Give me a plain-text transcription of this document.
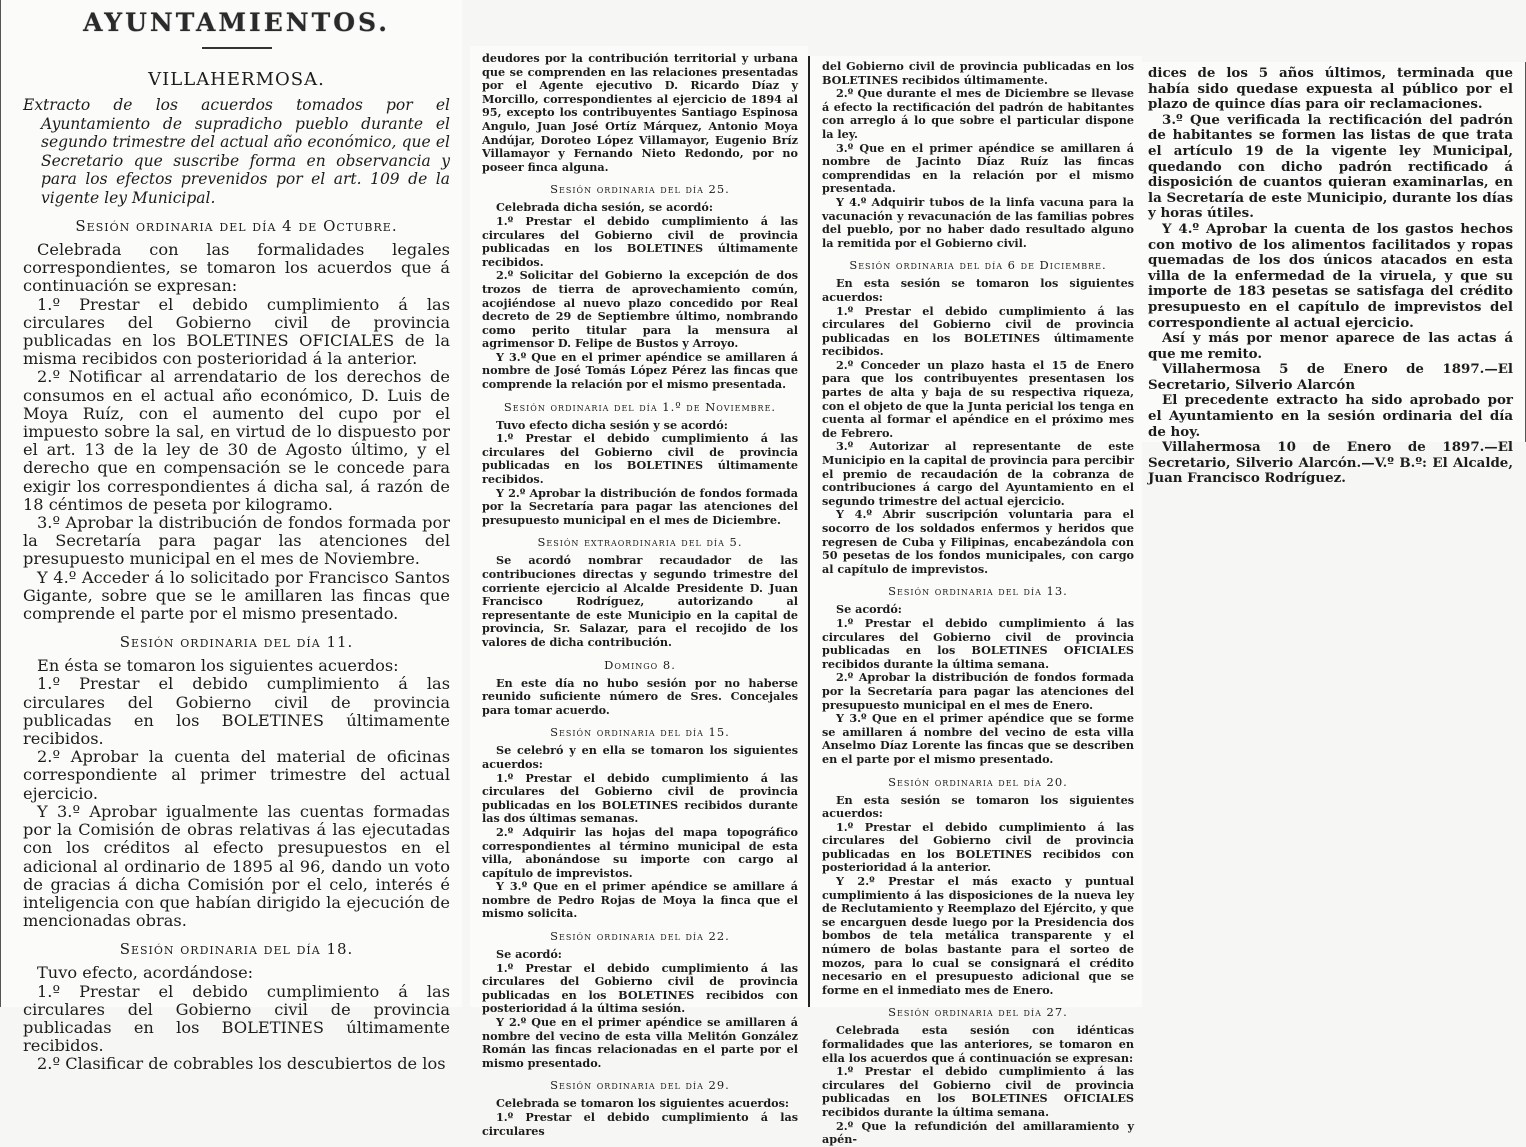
AYUNTAMIENTOS.
VILLAHERMOSA.

Extracto de los acuerdos tomados por el Ayuntamiento de supradicho pueblo durante el segundo trimestre del actual año económico, que el Secretario que suscribe forma en observancia y para los efectos prevenidos por el art. 109 de la vigente ley Municipal.

Sesión ordinaria del día 4 de Octubre.

Celebrada con las formalidades legales correspondientes, se tomaron los acuerdos que á continuación se expresan:

1.º Prestar el debido cumplimiento á las circulares del Gobierno civil de provincia publicadas en los BOLETINES OFICIALES de la misma recibidos con posterioridad á la anterior.

2.º Notificar al arrendatario de los derechos de consumos en el actual año económico, D. Luis de Moya Ruíz, con el aumento del cupo por el impuesto sobre la sal, en virtud de lo dispuesto por el art. 13 de la ley de 30 de Agosto último, y el derecho que en compensación se le concede para exigir los correspondientes á dicha sal, á razón de 18 céntimos de peseta por kilogramo.

3.º Aprobar la distribución de fondos formada por la Secretaría para pagar las atenciones del presupuesto municipal en el mes de Noviembre.

Y 4.º Acceder á lo solicitado por Francisco Santos Gigante, sobre que se le amillaren las fincas que comprende el parte por el mismo presentado.

Sesión ordinaria del día 11.

En ésta se tomaron los siguientes acuerdos:

1.º Prestar el debido cumplimiento á las circulares del Gobierno civil de provincia publicadas en los BOLETINES últimamente recibidos.

2.º Aprobar la cuenta del material de oficinas correspondiente al primer trimestre del actual ejercicio.

Y 3.º Aprobar igualmente las cuentas formadas por la Comisión de obras relativas á las ejecutadas con los créditos al efecto presupuestos en el adicional al ordinario de 1895 al 96, dando un voto de gracias á dicha Comisión por el celo, interés é inteligencia con que habían dirigido la ejecución de mencionadas obras.

Sesión ordinaria del día 18.

Tuvo efecto, acordándose:

1.º Prestar el debido cumplimiento á las circulares del Gobierno civil de provincia publicadas en los BOLETINES últimamente recibidos.

2.º Clasificar de cobrables los descubiertos de los

deudores por la contribución territorial y urbana que se comprenden en las relaciones presentadas por el Agente ejecutivo D. Ricardo Díaz y Morcillo, correspondientes al ejercicio de 1894 al 95, excepto los contribuyentes Santiago Espinosa Angulo, Juan José Ortíz Márquez, Antonio Moya Andújar, Doroteo López Villamayor, Eugenio Bríz Villamayor y Fernando Nieto Redondo, por no poseer finca alguna.

Sesión ordinaria del día 25.

Celebrada dicha sesión, se acordó:

1.º Prestar el debido cumplimiento á las circulares del Gobierno civil de provincia publicadas en los BOLETINES últimamente recibidos.

2.º Solicitar del Gobierno la excepción de dos trozos de tierra de aprovechamiento común, acojiéndose al nuevo plazo concedido por Real decreto de 29 de Septiembre último, nombrando como perito titular para la mensura al agrimensor D. Felipe de Bustos y Arroyo.

Y 3.º Que en el primer apéndice se amillaren á nombre de José Tomás López Pérez las fincas que comprende la relación por el mismo presentada.

Sesión ordinaria del día 1.º de Noviembre.

Tuvo efecto dicha sesión y se acordó:

1.º Prestar el debido cumplimiento á las circulares del Gobierno civil de provincia publicadas en los BOLETINES últimamente recibidos.

Y 2.º Aprobar la distribución de fondos formada por la Secretaría para pagar las atenciones del presupuesto municipal en el mes de Diciembre.

Sesión extraordinaria del día 5.

Se acordó nombrar recaudador de las contribuciones directas y segundo trimestre del corriente ejercicio al Alcalde Presidente D. Juan Francisco Rodríguez, autorizando al representante de este Municipio en la capital de provincia, Sr. Salazar, para el recojido de los valores de dicha contribución.

Domingo 8.

En este día no hubo sesión por no haberse reunido suficiente número de Sres. Concejales para tomar acuerdo.

Sesión ordinaria del día 15.

Se celebró y en ella se tomaron los siguientes acuerdos:

1.º Prestar el debido cumplimiento á las circulares del Gobierno civil de provincia publicadas en los BOLETINES recibidos durante las dos últimas semanas.

2.º Adquirir las hojas del mapa topográfico correspondientes al término municipal de esta villa, abonándose su importe con cargo al capítulo de imprevistos.

Y 3.º Que en el primer apéndice se amillare á nombre de Pedro Rojas de Moya la finca que el mismo solicita.

Sesión ordinaria del día 22.

Se acordó:

1.º Prestar el debido cumplimiento á las circulares del Gobierno civil de provincia publicadas en los BOLETINES recibidos con posterioridad á la última sesión.

Y 2.º Que en el primer apéndice se amillaren á nombre del vecino de esta villa Melitón González Román las fincas relacionadas en el parte por el mismo presentado.

Sesión ordinaria del día 29.

Celebrada se tomaron los siguientes acuerdos:

1.º Prestar el debido cumplimiento á las circulares

del Gobierno civil de provincia publicadas en los BOLETINES recibidos últimamente.

2.º Que durante el mes de Diciembre se llevase á efecto la rectificación del padrón de habitantes con arreglo á lo que sobre el particular dispone la ley.

3.º Que en el primer apéndice se amillaren á nombre de Jacinto Díaz Ruíz las fincas comprendidas en la relación por el mismo presentada.

Y 4.º Adquirir tubos de la linfa vacuna para la vacunación y revacunación de las familias pobres del pueblo, por no haber dado resultado alguno la remitida por el Gobierno civil.

Sesión ordinaria del día 6 de Diciembre.

En esta sesión se tomaron los siguientes acuerdos:

1.º Prestar el debido cumplimiento á las circulares del Gobierno civil de provincia publicadas en los BOLETINES últimamente recibidos.

2.º Conceder un plazo hasta el 15 de Enero para que los contribuyentes presentasen los partes de alta y baja de su respectiva riqueza, con el objeto de que la Junta pericial los tenga en cuenta al formar el apéndice en el próximo mes de Febrero.

3.º Autorizar al representante de este Municipio en la capital de provincia para percibir el premio de recaudación de la cobranza de contribuciones á cargo del Ayuntamiento en el segundo trimestre del actual ejercicio.

Y 4.º Abrir suscripción voluntaria para el socorro de los soldados enfermos y heridos que regresen de Cuba y Filipinas, encabezándola con 50 pesetas de los fondos municipales, con cargo al capítulo de imprevistos.

Sesión ordinaria del día 13.

Se acordó:

1.º Prestar el debido cumplimiento á las circulares del Gobierno civil de provincia publicadas en los BOLETINES OFICIALES recibidos durante la última semana.

2.º Aprobar la distribución de fondos formada por la Secretaría para pagar las atenciones del presupuesto municipal en el mes de Enero.

Y 3.º Que en el primer apéndice que se forme se amillaren á nombre del vecino de esta villa Anselmo Díaz Lorente las fincas que se describen en el parte por el mismo presentado.

Sesión ordinaria del día 20.

En esta sesión se tomaron los siguientes acuerdos:

1.º Prestar el debido cumplimiento á las circulares del Gobierno civil de provincia publicadas en los BOLETINES recibidos con posterioridad á la anterior.

Y 2.º Prestar el más exacto y puntual cumplimiento á las disposiciones de la nueva ley de Reclutamiento y Reemplazo del Ejército, y que se encarguen desde luego por la Presidencia dos bombos de tela metálica transparente y el número de bolas bastante para el sorteo de mozos, para lo cual se consignará el crédito necesario en el presupuesto adicional que se forme en el inmediato mes de Enero.

Sesión ordinaria del día 27.

Celebrada esta sesión con idénticas formalidades que las anteriores, se tomaron en ella los acuerdos que á continuación se expresan:

1.º Prestar el debido cumplimiento á las circulares del Gobierno civil de provincia publicadas en los BOLETINES OFICIALES recibidos durante la última semana.

2.º Que la refundición del amillaramiento y apén-

dices de los 5 años últimos, terminada que había sido quedase expuesta al público por el plazo de quince días para oir reclamaciones.

3.º Que verificada la rectificación del padrón de habitantes se formen las listas de que trata el artículo 19 de la vigente ley Municipal, quedando con dicho padrón rectificado á disposición de cuantos quieran examinarlas, en la Secretaría de este Municipio, durante los días y horas útiles.

Y 4.º Aprobar la cuenta de los gastos hechos con motivo de los alimentos facilitados y ropas quemadas de los dos únicos atacados en esta villa de la enfermedad de la viruela, y que su importe de 183 pesetas se satisfaga del crédito presupuesto en el capítulo de imprevistos del correspondiente al actual ejercicio.

Así y más por menor aparece de las actas á que me remito.

Villahermosa 5 de Enero de 1897.—El Secretario, Silverio Alarcón

El precedente extracto ha sido aprobado por el Ayuntamiento en la sesión ordinaria del día de hoy.

Villahermosa 10 de Enero de 1897.—El Secretario, Silverio Alarcón.—V.º B.º: El Alcalde, Juan Francisco Rodríguez.
